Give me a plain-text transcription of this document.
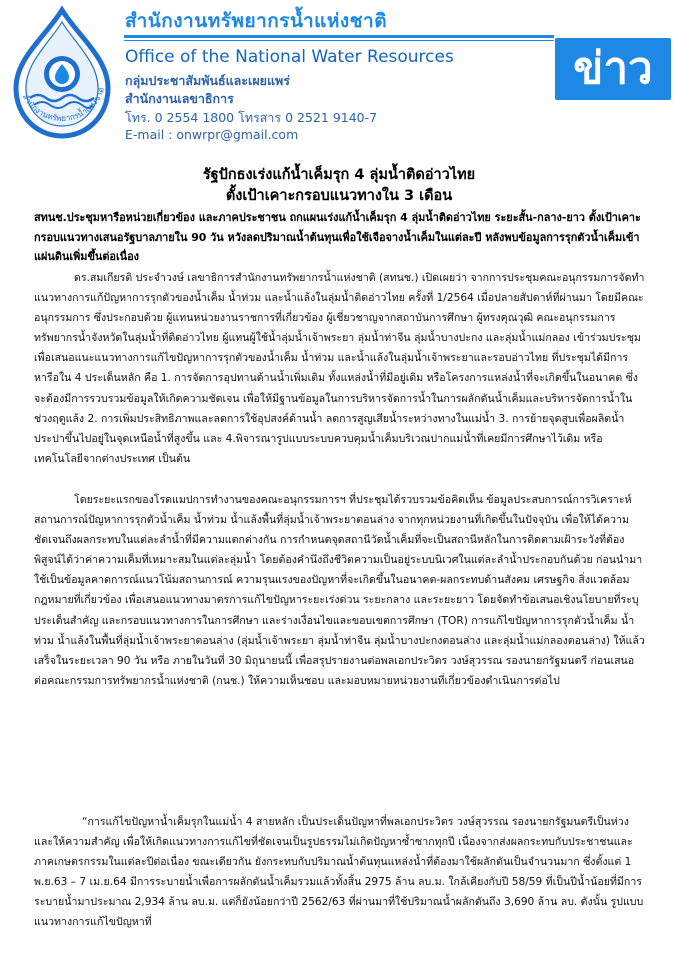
สำนักงานทรัพยากรน้ำแห่งชาติ
สำนักงานทรัพยากรน้ำแห่งชาติ
Office of the National Water Resources
กลุ่มประชาสัมพันธ์และเผยแพร่
สำนักงานเลขาธิการ
โทร. 0 2554 1800 โทรสาร 0 2521 9140-7
E-mail : onwrpr@gmail.com
ข่าว
รัฐปักธงเร่งแก้น้ำเค็มรุก 4 ลุ่มน้ำติดอ่าวไทย
ตั้งเป้าเคาะกรอบแนวทางใน 3 เดือน
สทนช.ประชุมหารือหน่วยเกี่ยวข้อง และภาคประชาชน ถกแผนเร่งแก้น้ำเค็มรุก 4 ลุ่มน้ำติดอ่าวไทย ระยะสั้น-กลาง-ยาว ตั้งเป้าเคาะกรอบแนวทางเสนอรัฐบาลภายใน 90 วัน หวังลดปริมาณน้ำต้นทุนเพื่อใช้เจือจางน้ำเค็มในแต่ละปี หลังพบข้อมูลการรุกตัวน้ำเค็มเข้าแผ่นดินเพิ่มขึ้นต่อเนื่อง
ดร.สมเกียรติ ประจำวงษ์ เลขาธิการสำนักงานทรัพยากรน้ำแห่งชาติ (สทนช.) เปิดเผยว่า จากการประชุมคณะอนุกรรมการจัดทำแนวทางการแก้ปัญหาการรุกตัวของน้ำเค็ม น้ำท่วม และน้ำแล้งในลุ่มน้ำติดอ่าวไทย ครั้งที่ 1/2564 เมื่อปลายสัปดาห์ที่ผ่านมา โดยมีคณะอนุกรรมการ ซึ่งประกอบด้วย ผู้แทนหน่วยงานราชการที่เกี่ยวข้อง ผู้เชี่ยวชาญจากสถาบันการศึกษา ผู้ทรงคุณวุฒิ คณะอนุกรรมการทรัพยากรน้ำจังหวัดในลุ่มน้ำที่ติดอ่าวไทย ผู้แทนผู้ใช้น้ำลุ่มน้ำเจ้าพระยา ลุ่มน้ำท่าจีน ลุ่มน้ำบางปะกง และลุ่มน้ำแม่กลอง เข้าร่วมประชุม เพื่อเสนอแนะแนวทางการแก้ไขปัญหาการรุกตัวของน้ำเค็ม น้ำท่วม และน้ำแล้งในลุ่มน้ำเจ้าพระยาและรอบอ่าวไทย ที่ประชุมได้มีการหารือใน 4 ประเด็นหลัก คือ 1. การจัดการอุปทานด้านน้ำเพิ่มเติม ทั้งแหล่งน้ำที่มีอยู่เดิม หรือโครงการแหล่งน้ำที่จะเกิดขึ้นในอนาคต ซึ่งจะต้องมีการรวบรวมข้อมูลให้เกิดความชัดเจน เพื่อให้มีฐานข้อมูลในการบริหารจัดการน้ำในการผลักดันน้ำเค็มและบริหารจัดการน้ำในช่วงฤดูแล้ง 2. การเพิ่มประสิทธิภาพและลดการใช้อุปสงค์ด้านน้ำ ลดการสูญเสียน้ำระหว่างทางในแม่น้ำ 3. การย้ายจุดสูบเพื่อผลิตน้ำประปาขึ้นไปอยู่ในจุดเหนือน้ำที่สูงขึ้น และ 4.พิจารณารูปแบบระบบควบคุมน้ำเค็มบริเวณปากแม่น้ำที่เคยมีการศึกษาไว้เดิม หรือเทคโนโลยีจากต่างประเทศ เป็นต้น
โดยระยะแรกของโรดแมปการทำงานของคณะอนุกรรมการฯ ที่ประชุมได้รวบรวมข้อคิดเห็น ข้อมูลประสบการณ์การวิเคราะห์สถานการณ์ปัญหาการรุกตัวน้ำเค็ม น้ำท่วม น้ำแล้งพื้นที่ลุ่มน้ำเจ้าพระยาตอนล่าง จากทุกหน่วยงานที่เกิดขึ้นในปัจจุบัน เพื่อให้ได้ความชัดเจนถึงผลกระทบในแต่ละลำน้ำที่มีความแตกต่างกัน การกำหนดจุดสถานีวัดน้ำเค็มที่จะเป็นสถานีหลักในการติดตามเฝ้าระวังที่ต้องพิสูจน์ได้ว่าค่าความเค็มที่เหมาะสมในแต่ละลุ่มน้ำ โดยต้องคำนึงถึงชีวิตความเป็นอยู่ระบบนิเวศในแต่ละลำน้ำประกอบกันด้วย ก่อนนำมาใช้เป็นข้อมูลคาดการณ์แนวโน้มสถานการณ์ ความรุนแรงของปัญหาที่จะเกิดขึ้นในอนาคต-ผลกระทบด้านสังคม เศรษฐกิจ สิ่งแวดล้อม กฎหมายที่เกี่ยวข้อง เพื่อเสนอแนวทางมาตรการแก้ไขปัญหาระยะเร่งด่วน ระยะกลาง และระยะยาว โดยจัดทำข้อเสนอเชิงนโยบายที่ระบุประเด็นสำคัญ และกรอบแนวทางการในการศึกษา และร่างเงื่อนไขและขอบเขตการศึกษา (TOR) การแก้ไขปัญหาการรุกตัวน้ำเค็ม น้ำท่วม น้ำแล้งในพื้นที่ลุ่มน้ำเจ้าพระยาตอนล่าง (ลุ่มน้ำเจ้าพระยา ลุ่มน้ำท่าจีน ลุ่มน้ำบางปะกงตอนล่าง และลุ่มน้ำแม่กลองตอนล่าง) ให้แล้วเสร็จในระยะเวลา 90 วัน หรือ ภายในวันที่ 30 มิถุนายนนี้ เพื่อสรุปรายงานต่อพลเอกประวิตร วงษ์สุวรรณ รองนายกรัฐมนตรี ก่อนเสนอต่อคณะกรรมการทรัพยากรน้ำแห่งชาติ (กนช.) ให้ความเห็นชอบ และมอบหมายหน่วยงานที่เกี่ยวข้องดำเนินการต่อไป
“การแก้ไขปัญหาน้ำเค็มรุกในแม่น้ำ 4 สายหลัก เป็นประเด็นปัญหาที่พลเอกประวิตร วงษ์สุวรรณ รองนายกรัฐมนตรีเป็นห่วงและให้ความสำคัญ เพื่อให้เกิดแนวทางการแก้ไขที่ชัดเจนเป็นรูปธรรมไม่เกิดปัญหาซ้ำซากทุกปี เนื่องจากส่งผลกระทบกับประชาชนและภาคเกษตรกรรมในแต่ละปีต่อเนื่อง ขณะเดียวกัน ยังกระทบกับปริมาณน้ำต้นทุนแหล่งน้ำที่ต้องมาใช้ผลักดันเป็นจำนวนมาก ซึ่งตั้งแต่ 1 พ.ย.63 – 7 เม.ย.64 มีการระบายน้ำเพื่อการผลักดันน้ำเค็มรวมแล้วทั้งสิ้น 2975 ล้าน ลบ.ม. ใกล้เคียงกับปี 58/59 ที่เป็นปีน้ำน้อยที่มีการระบายน้ำมาประมาณ 2,934 ล้าน ลบ.ม. แต่ก็ยังน้อยกว่าปี 2562/63 ที่ผ่านมาที่ใช้ปริมาณน้ำผลักดันถึง 3,690 ล้าน ลบ. ดังนั้น รูปแบบแนวทางการแก้ไขปัญหาที่
